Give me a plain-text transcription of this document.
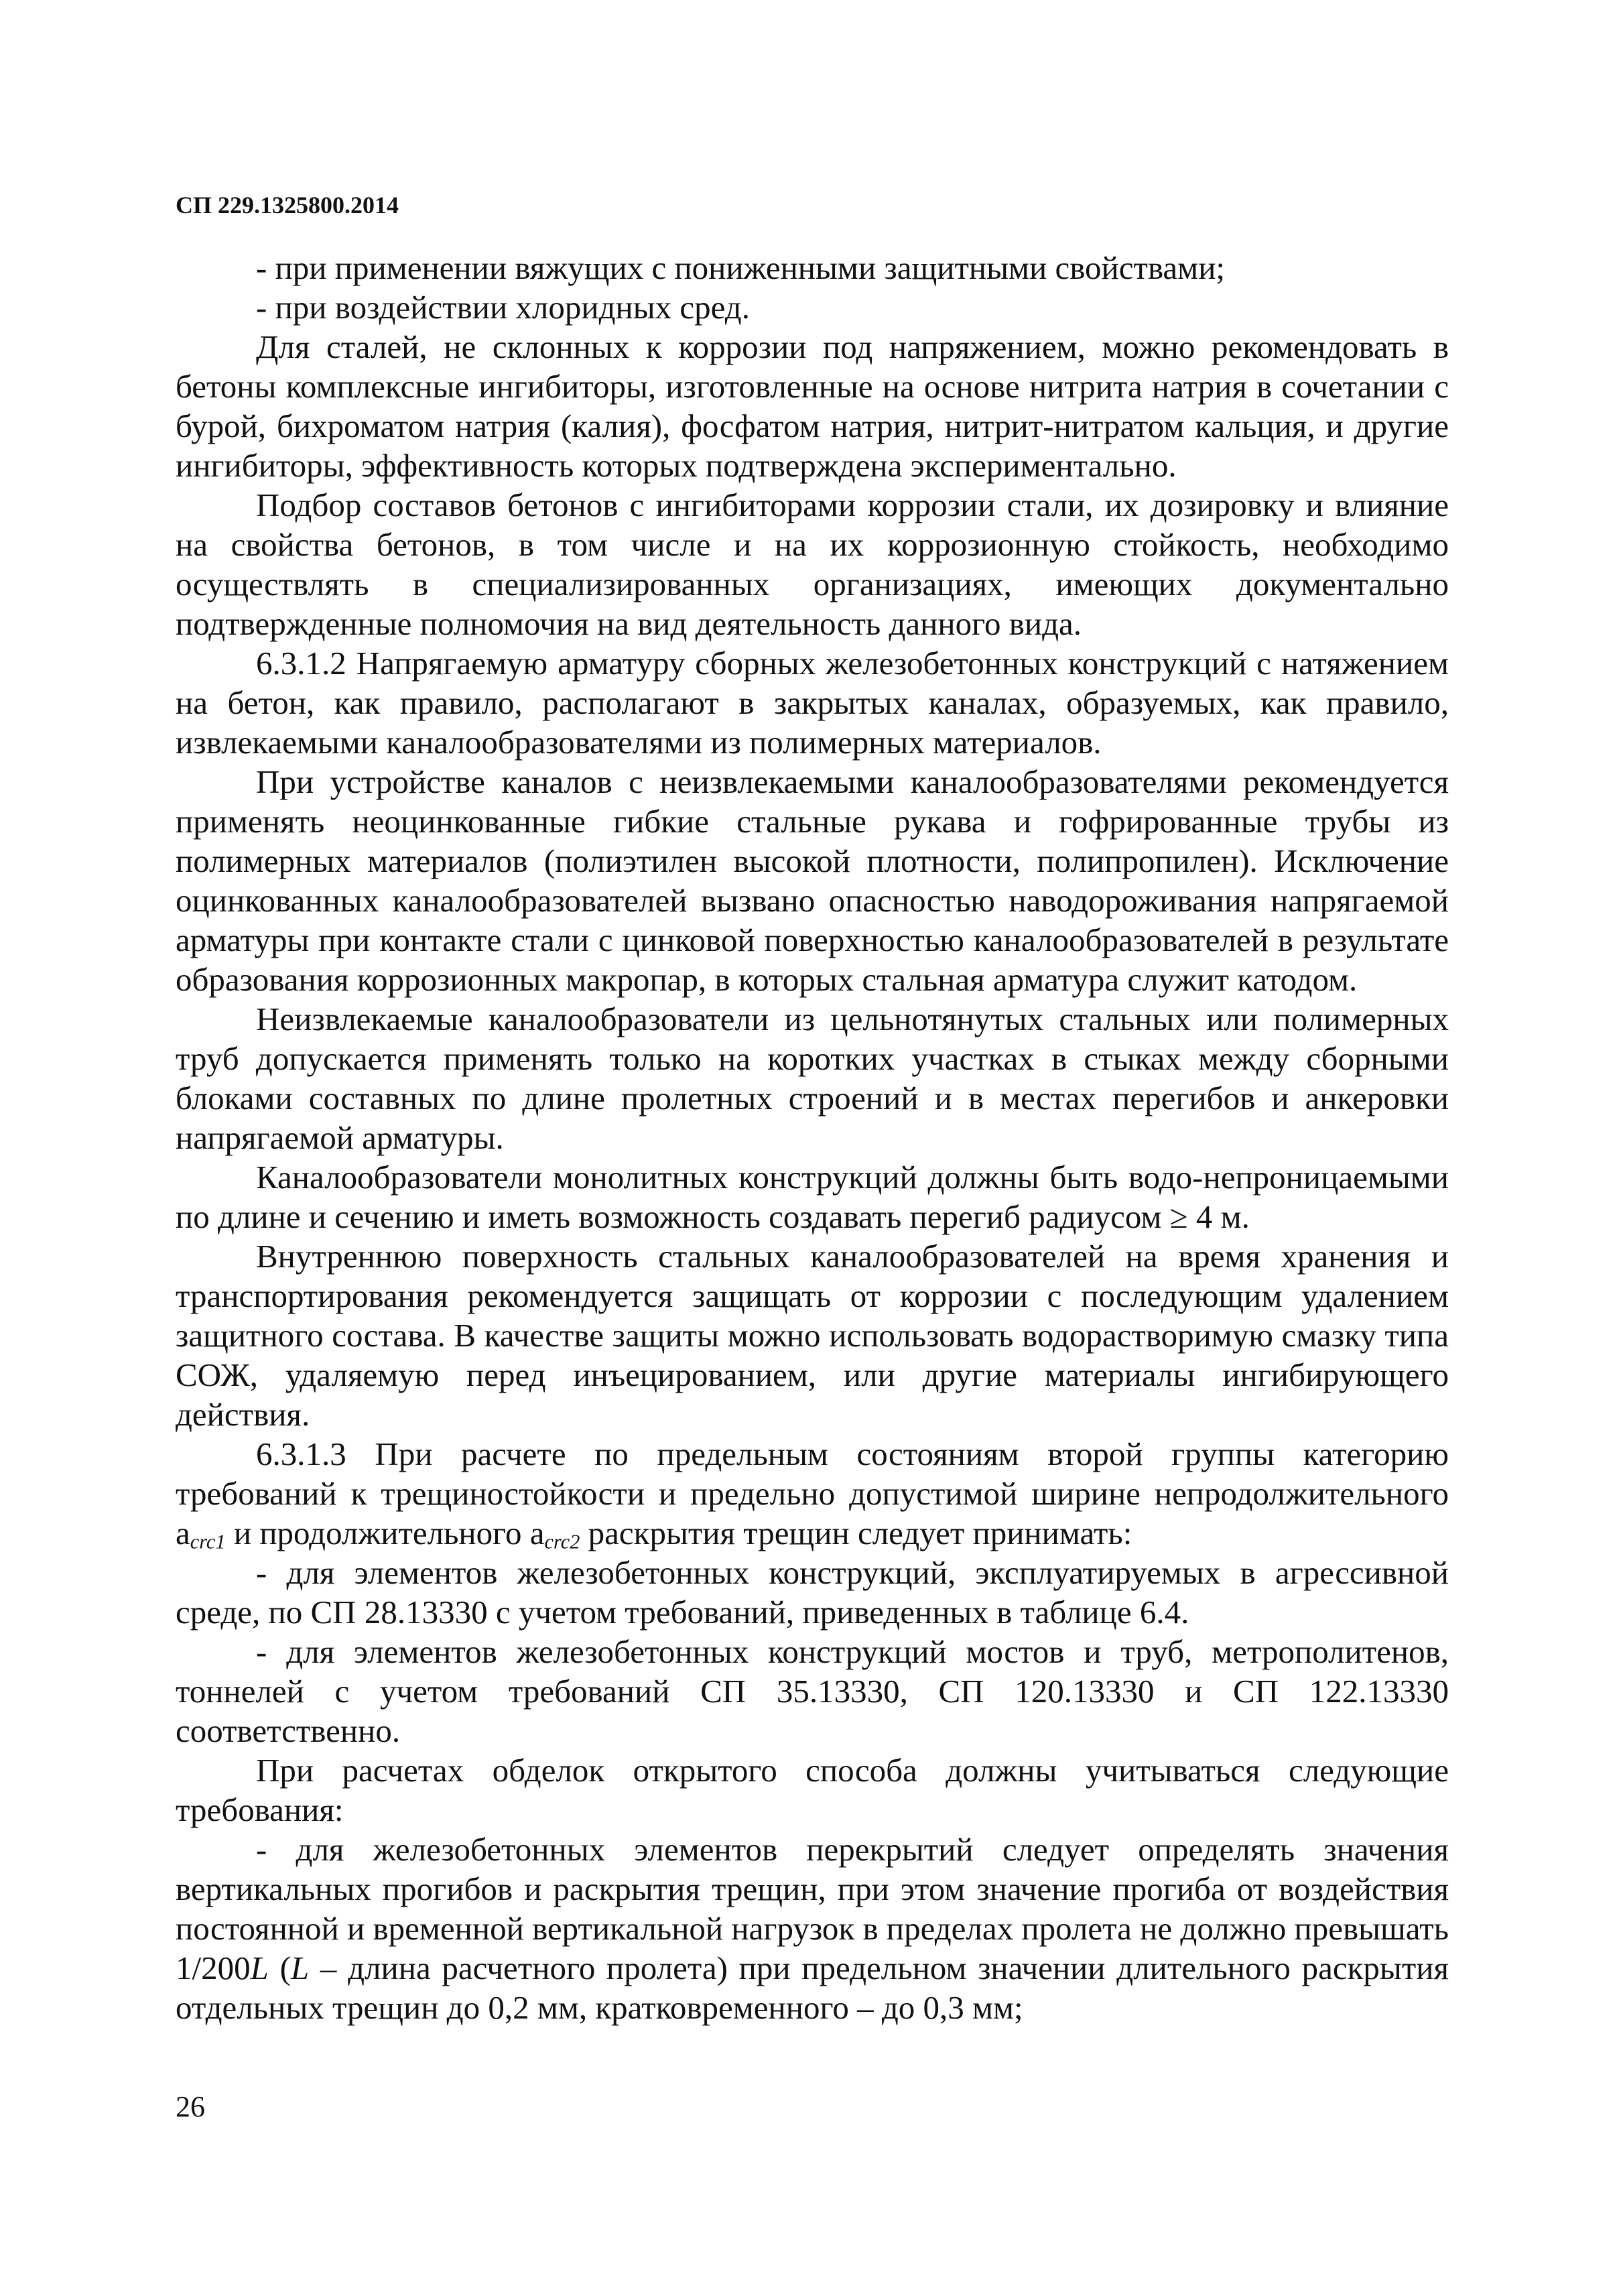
СП 229.1325800.2014

- при применении вяжущих с пониженными защитными свойствами;

- при воздействии хлоридных сред.

Для сталей, не склонных к коррозии под напряжением, можно рекомендовать в бетоны комплексные ингибиторы, изготовленные на основе нитрита натрия в сочетании с бурой, бихроматом натрия (калия), фосфатом натрия, нитрит-нитратом кальция, и другие ингибиторы, эффективность которых подтверждена экспериментально.

Подбор составов бетонов с ингибиторами коррозии стали, их дозировку и влияние на свойства бетонов, в том числе и на их коррозионную стойкость, необходимо осуществлять в специализированных организациях, имеющих документально подтвержденные полномочия на вид деятельность данного вида.

6.3.1.2 Напрягаемую арматуру сборных железобетонных конструкций с натяжением на бетон, как правило, располагают в закрытых каналах, образуемых, как правило, извлекаемыми каналообразователями из полимерных материалов.

При устройстве каналов с неизвлекаемыми каналообразователями рекомендуется применять неоцинкованные гибкие стальные рукава и гофрированные трубы из полимерных материалов (полиэтилен высокой плотности, полипропилен). Исключение оцинкованных каналообразователей вызвано опасностью наводороживания напрягаемой арматуры при контакте стали с цинковой поверхностью каналообразователей в результате образования коррозионных макропар, в которых стальная арматура служит катодом.

Неизвлекаемые каналообразователи из цельнотянутых стальных или полимерных труб допускается применять только на коротких участках в стыках между сборными блоками составных по длине пролетных строений и в местах перегибов и анкеровки напрягаемой арматуры.

Каналообразователи монолитных конструкций должны быть водо-непроницаемыми по длине и сечению и иметь возможность создавать перегиб радиусом ≥ 4 м.

Внутреннюю поверхность стальных каналообразователей на время хранения и транспортирования рекомендуется защищать от коррозии с последующим удалением защитного состава. В качестве защиты можно использовать водорастворимую смазку типа СОЖ, удаляемую перед инъецированием, или другие материалы ингибирующего действия.

6.3.1.3 При расчете по предельным состояниям второй группы категорию требований к трещиностойкости и предельно допустимой ширине непродолжительного $a_{crc1}$ и продолжительного $a_{crc2}$ раскрытия трещин следует принимать:

- для элементов железобетонных конструкций, эксплуатируемых в агрессивной среде, по СП 28.13330 с учетом требований, приведенных в таблице 6.4.

- для элементов железобетонных конструкций мостов и труб, метрополитенов, тоннелей с учетом требований СП 35.13330, СП 120.13330 и СП 122.13330 соответственно.

При расчетах обделок открытого способа должны учитываться следующие требования:

- для железобетонных элементов перекрытий следует определять значения вертикальных прогибов и раскрытия трещин, при этом значение прогиба от воздействия постоянной и временной вертикальной нагрузок в пределах пролета не должно превышать 1/200L (L – длина расчетного пролета) при предельном значении длительного раскрытия отдельных трещин до 0,2 мм, кратковременного – до 0,3 мм;

26
